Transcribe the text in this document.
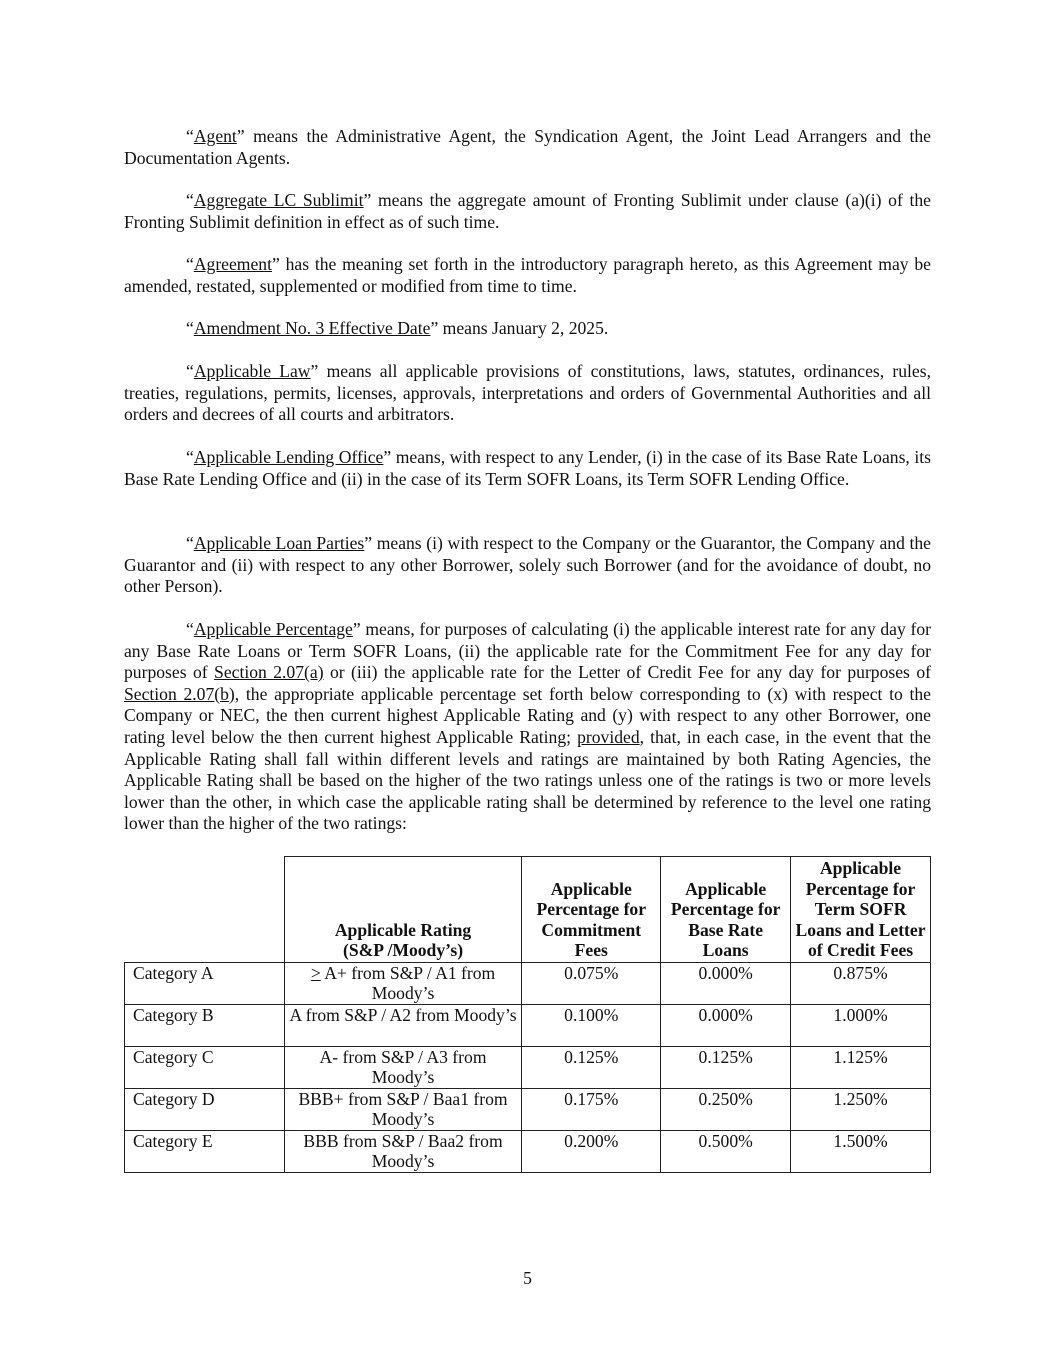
“Agent” means the Administrative Agent, the Syndication Agent, the Joint Lead Arrangers and the Documentation Agents.

“Aggregate LC Sublimit” means the aggregate amount of Fronting Sublimit under clause (a)(i) of the Fronting Sublimit definition in effect as of such time.

“Agreement” has the meaning set forth in the introductory paragraph hereto, as this Agreement may be amended, restated, supplemented or modified from time to time.

“Amendment No. 3 Effective Date” means January 2, 2025.

“Applicable Law” means all applicable provisions of constitutions, laws, statutes, ordinances, rules, treaties, regulations, permits, licenses, approvals, interpretations and orders of Governmental Authorities and all orders and decrees of all courts and arbitrators.

“Applicable Lending Office” means, with respect to any Lender, (i) in the case of its Base Rate Loans, its Base Rate Lending Office and (ii) in the case of its Term SOFR Loans, its Term SOFR Lending Office.

“Applicable Loan Parties” means (i) with respect to the Company or the Guarantor, the Company and the Guarantor and (ii) with respect to any other Borrower, solely such Borrower (and for the avoidance of doubt, no other Person).

“Applicable Percentage” means, for purposes of calculating (i) the applicable interest rate for any day for any Base Rate Loans or Term SOFR Loans, (ii) the applicable rate for the Commitment Fee for any day for purposes of Section 2.07(a) or (iii) the applicable rate for the Letter of Credit Fee for any day for purposes of Section 2.07(b), the appropriate applicable percentage set forth below corresponding to (x) with respect to the Company or NEC, the then current highest Applicable Rating and (y) with respect to any other Borrower, one rating level below the then current highest Applicable Rating; provided, that, in each case, in the event that the Applicable Rating shall fall within different levels and ratings are maintained by both Rating Agencies, the Applicable Rating shall be based on the higher of the two ratings unless one of the ratings is two or more levels lower than the other, in which case the applicable rating shall be determined by reference to the level one rating lower than the higher of the two ratings:

	Applicable Rating
(S&P /Moody’s)	Applicable Percentage for Commitment Fees	Applicable Percentage for Base Rate Loans	Applicable Percentage for Term SOFR Loans and Letter of Credit Fees
Category A	≥ A+ from S&P / A1 from Moody’s	0.075%	0.000%	0.875%
Category B	A from S&P / A2 from Moody’s	0.100%	0.000%	1.000%
Category C	A- from S&P / A3 from Moody’s	0.125%	0.125%	1.125%
Category D	BBB+ from S&P / Baa1 from Moody’s	0.175%	0.250%	1.250%
Category E	BBB from S&P / Baa2 from Moody’s	0.200%	0.500%	1.500%
5
